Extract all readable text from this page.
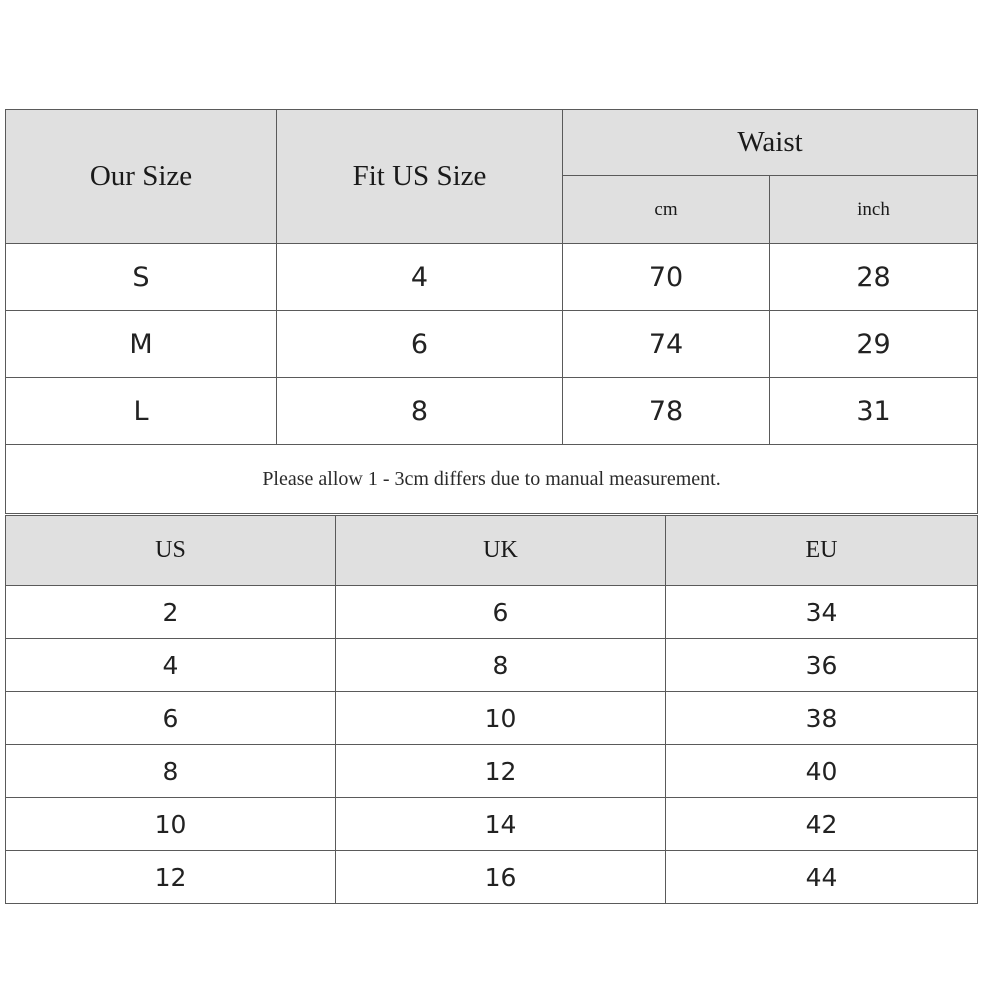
Our Size	Fit US Size	Waist	
		cm	inch
S	4	70	28
M	6	74	29
L	8	78	31
Please allow 1 - 3cm differs due to manual measurement.			
US	UK	EU
2	6	34
4	8	36
6	10	38
8	12	40
10	14	42
12	16	44
